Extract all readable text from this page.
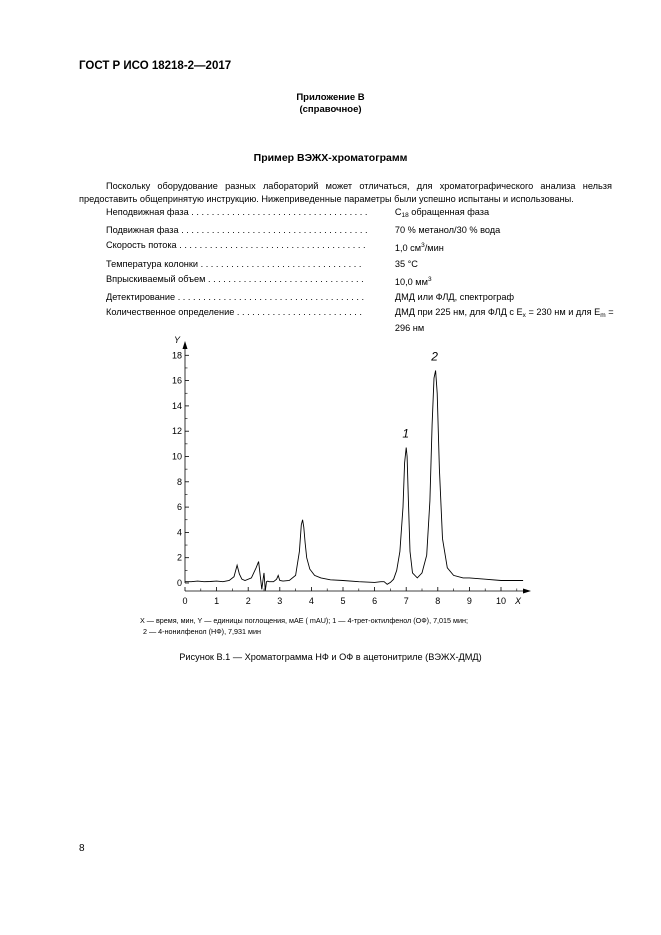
ГОСТ Р ИСО 18218-2—2017
Приложение В
(справочное)
Пример ВЭЖХ-хроматограмм
Поскольку оборудование разных лабораторий может отличаться, для хроматографического анализа нельзя предоставить общепринятую инструкцию. Нижеприведенные параметры были успешно испытаны и использованы.
Неподвижная фаза . . . . . . . . . . . . . . . . . . . . . . . . . . . . . . . . . . .	$С_{18}$ обращенная фаза
Подвижная фаза . . . . . . . . . . . . . . . . . . . . . . . . . . . . . . . . . . . . .	70 % метанол/30 % вода
Скорость потока . . . . . . . . . . . . . . . . . . . . . . . . . . . . . . . . . . . . .	1,0 $см^3$/мин
Температура колонки . . . . . . . . . . . . . . . . . . . . . . . . . . . . . . . .	35 °С
Впрыскиваемый объем . . . . . . . . . . . . . . . . . . . . . . . . . . . . . . .	10,0 $мм^3$
Детектирование . . . . . . . . . . . . . . . . . . . . . . . . . . . . . . . . . . . . .	ДМД или ФЛД, спектрограф
Количественное определение . . . . . . . . . . . . . . . . . . . . . . . . .	ДМД при 225 нм, для ФЛД с $Е_x = 230$ нм и для $Е_m = 296$ нм
Y
X
0
2
4
6
8
10
12
14
16
18
0	1	2	3	4	5	6	7	8	9	10
1
2
X — время, мин, Y — единицы поглощения, мАЕ ( mAU); 1 — 4-трет-октилфенол (ОФ), 7,015 мин;
2 — 4-нонилфенол (НФ), 7,931 мин
Рисунок В.1 — Хроматограмма НФ и ОФ в ацетонитриле (ВЭЖХ-ДМД)
8
